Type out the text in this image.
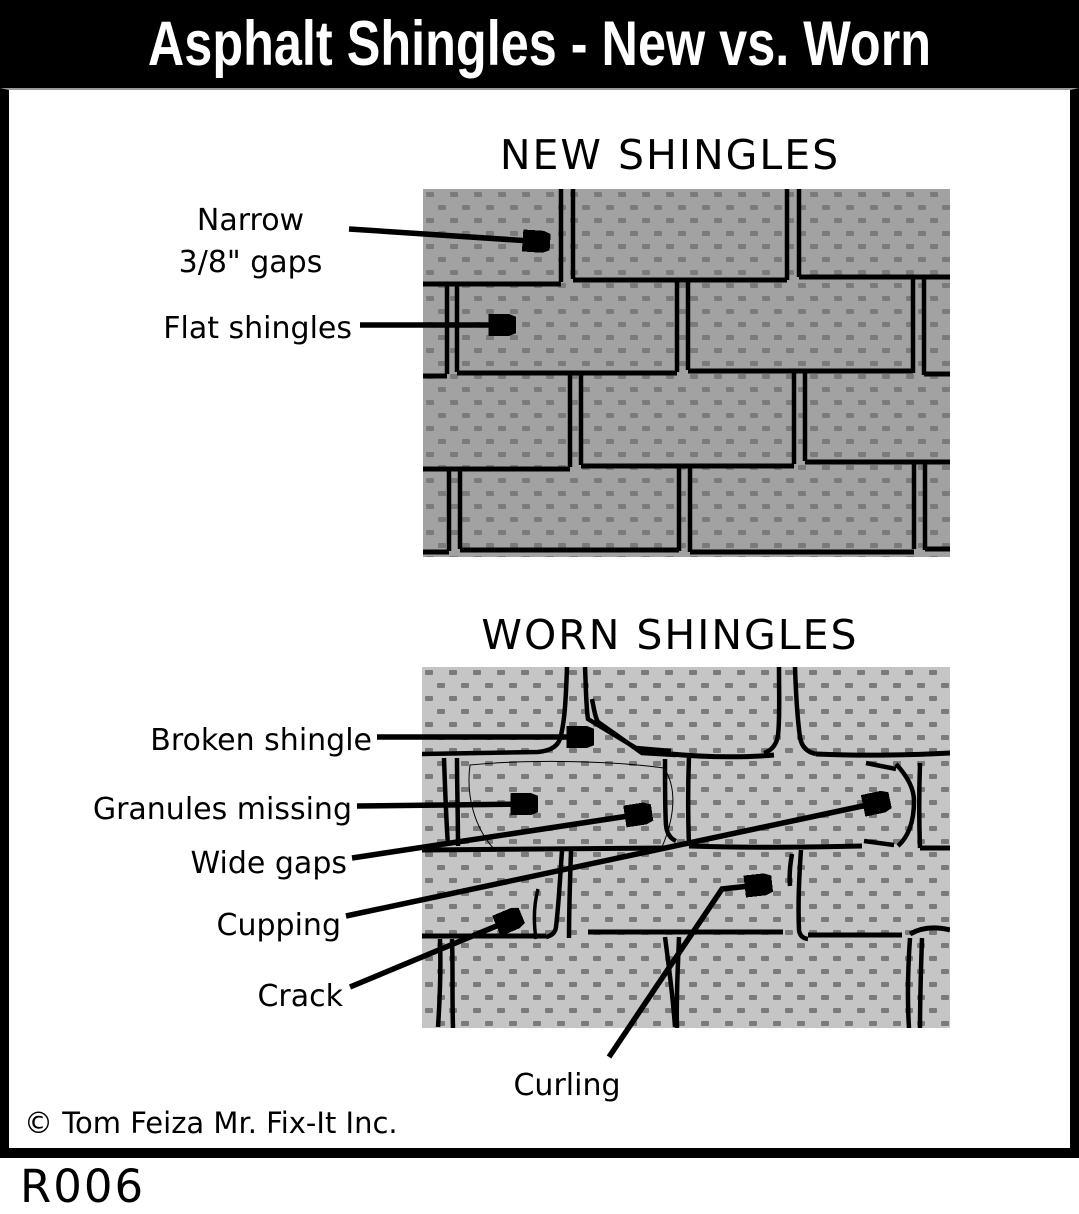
Asphalt Shingles - New vs. Worn
NEW SHINGLES
WORN SHINGLES
Narrow
3/8" gaps
Flat shingles
Broken shingle
Granules missing
Wide gaps
Cupping
Crack
Curling
© Tom Feiza Mr. Fix-It Inc.
R006
